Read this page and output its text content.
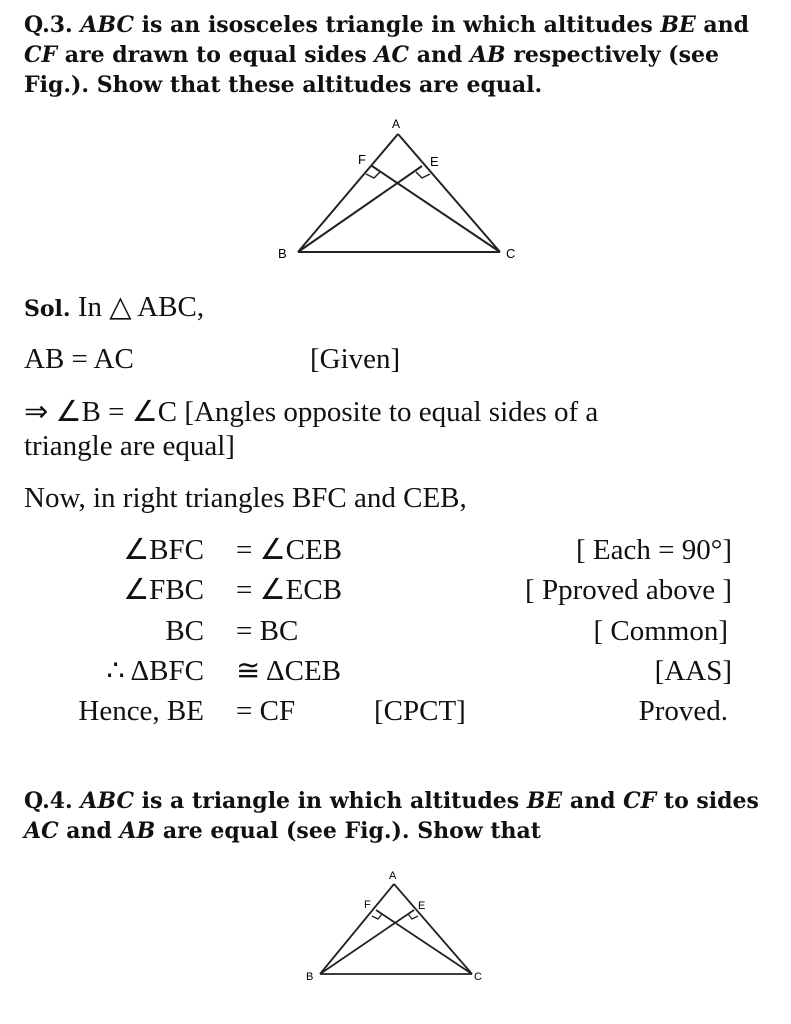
Q.3. ABC is an isosceles triangle in which altitudes BE and CF are drawn to equal sides AC and AB respectively (see Fig.). Show that these altitudes are equal.

A
F	E
B	C
Sol. In △ ABC,
AB = AC	[Given]
⇒ ∠B = ∠C [Angles opposite to equal sides of a
triangle are equal]
Now, in right triangles BFC and CEB,
∠BFC = ∠CEB	[ Each = 90°]
∠FBC = ∠ECB	[ Pproved above ]
BC = BC	[ Common]
∴ ΔBFC ≅ ΔCEB	[AAS]
Hence, BE = CF	[CPCT]	Proved.

Q.4. ABC is a triangle in which altitudes BE and CF to sides AC and AB are equal (see Fig.). Show that

A
F	E
B	C
